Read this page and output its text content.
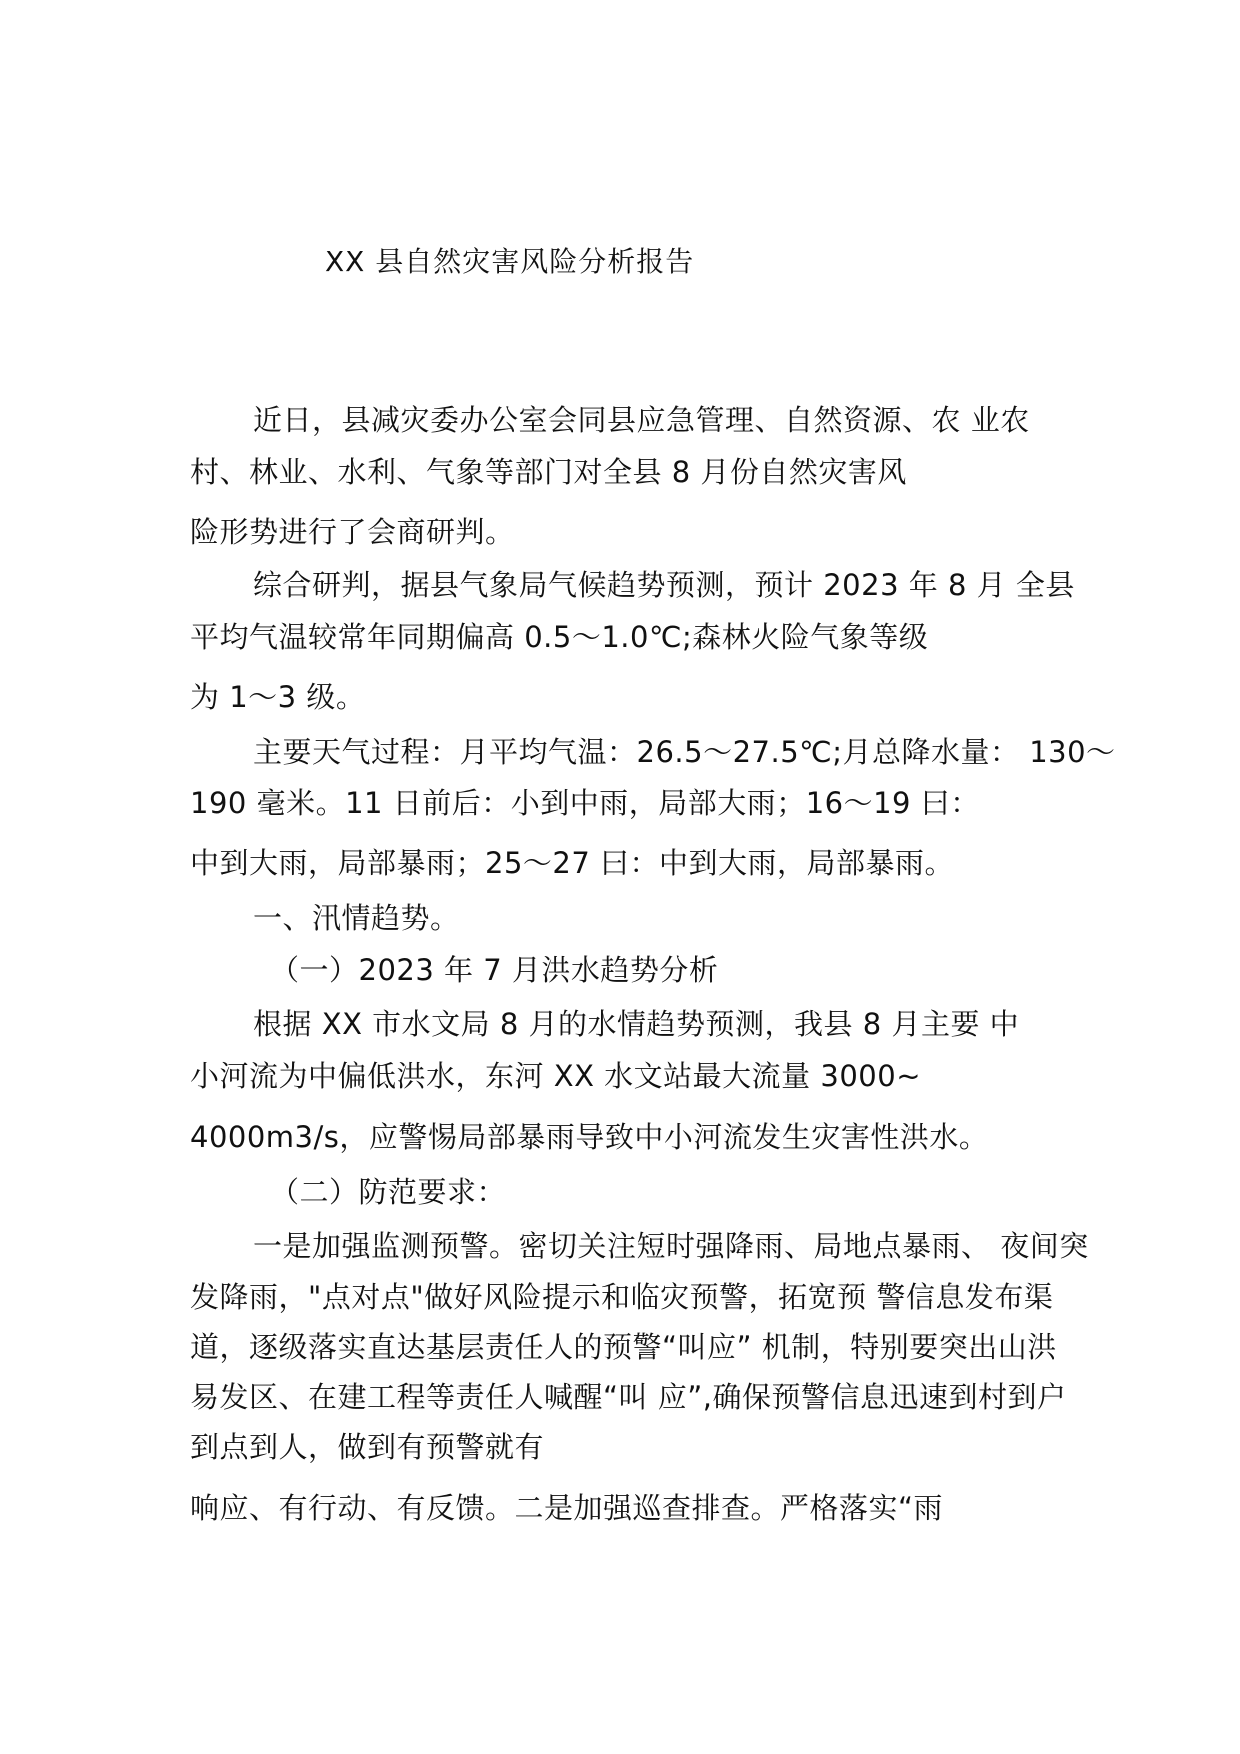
XX 县自然灾害风险分析报告
近日，县减灾委办公室会同县应急管理、自然资源、农 业农
村、林业、水利、气象等部门对全县 8 月份自然灾害风
险形势进行了会商研判。
综合研判，据县气象局气候趋势预测，预计 2023 年 8 月 全县
平均气温较常年同期偏高 0.5～1.0℃;森林火险气象等级
为 1～3 级。
主要天气过程：月平均气温：26.5～27.5℃;月总降水量： 130～
190 毫米。11 日前后：小到中雨，局部大雨；16～19 曰：
中到大雨，局部暴雨；25～27 曰：中到大雨，局部暴雨。
一、汛情趋势。
（一）2023 年 7 月洪水趋势分析
根据 XX 市水文局 8 月的水情趋势预测，我县 8 月主要 中
小河流为中偏低洪水，东河 XX 水文站最大流量 3000~
4000m3/s，应警惕局部暴雨导致中小河流发生灾害性洪水。
（二）防范要求：
一是加强监测预警。密切关注短时强降雨、局地点暴雨、 夜间突
发降雨，"点对点"做好风险提示和临灾预警，拓宽预 警信息发布渠
道，逐级落实直达基层责任人的预警“叫应” 机制，特别要突出山洪
易发区、在建工程等责任人喊醒“叫 应”,确保预警信息迅速到村到户
到点到人，做到有预警就有
响应、有行动、有反馈。二是加强巡查排查。严格落实“雨
